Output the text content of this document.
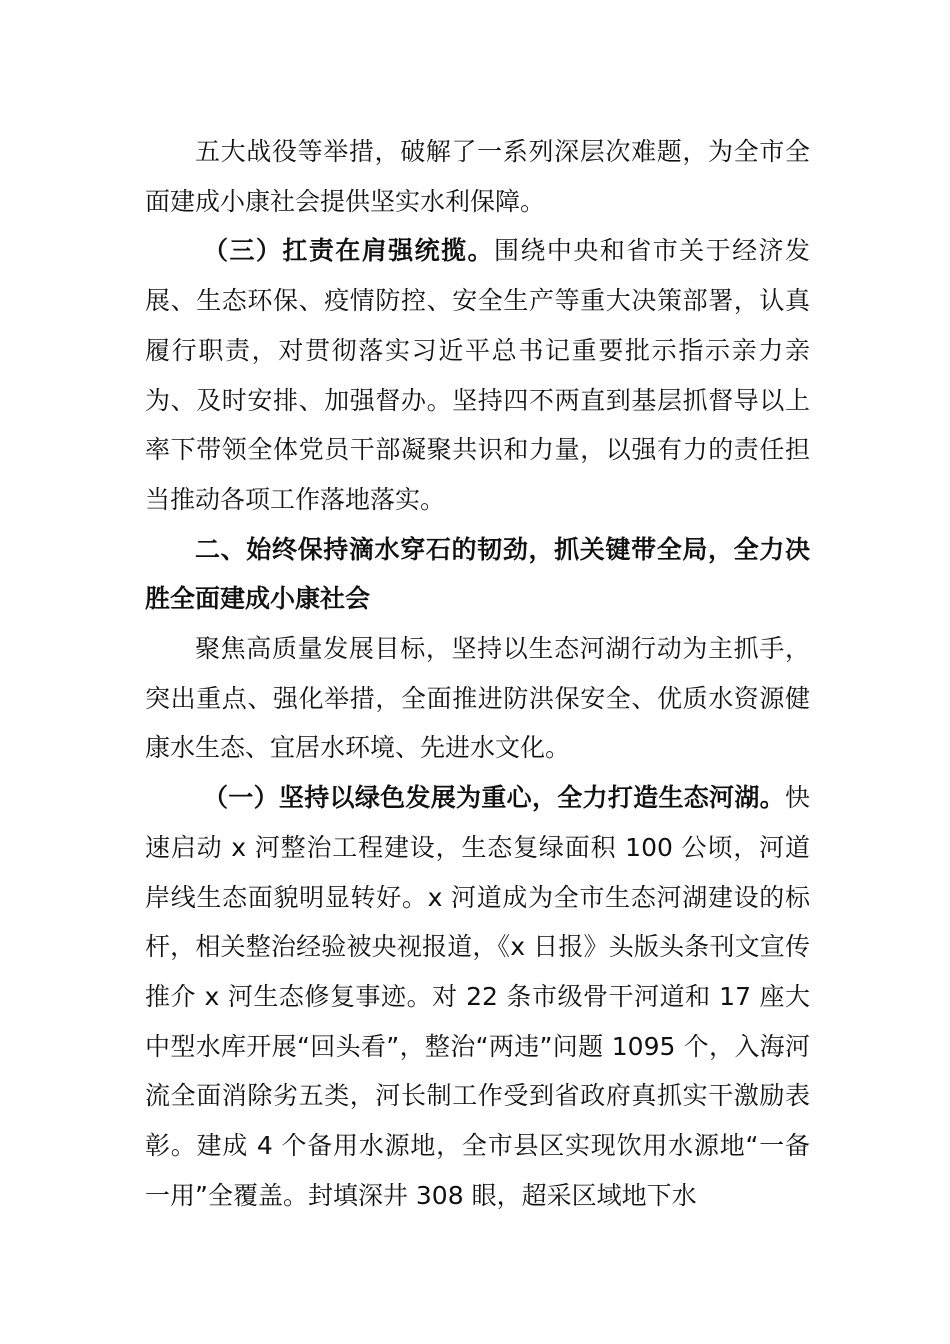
五大战役等举措，破解了一系列深层次难题，为全市全面建成小康社会提供坚实水利保障。

（三）扛责在肩强统揽。围绕中央和省市关于经济发展、生态环保、疫情防控、安全生产等重大决策部署，认真履行职责，对贯彻落实习近平总书记重要批示指示亲力亲为、及时安排、加强督办。坚持四不两直到基层抓督导以上率下带领全体党员干部凝聚共识和力量，以强有力的责任担当推动各项工作落地落实。

二、始终保持滴水穿石的韧劲，抓关键带全局，全力决胜全面建成小康社会

聚焦高质量发展目标，坚持以生态河湖行动为主抓手，突出重点、强化举措，全面推进防洪保安全、优质水资源健康水生态、宜居水环境、先进水文化。

（一）坚持以绿色发展为重心，全力打造生态河湖。快速启动 x 河整治工程建设，生态复绿面积 100 公顷，河道岸线生态面貌明显转好。x 河道成为全市生态河湖建设的标杆，相关整治经验被央视报道，《x 日报》头版头条刊文宣传推介 x 河生态修复事迹。对 22 条市级骨干河道和 17 座大中型水库开展“回头看”，整治“两违”问题 1095 个，入海河流全面消除劣五类，河长制工作受到省政府真抓实干激励表彰。建成 4 个备用水源地，全市县区实现饮用水源地“一备一用”全覆盖。封填深井 308 眼，超采区域地下水
